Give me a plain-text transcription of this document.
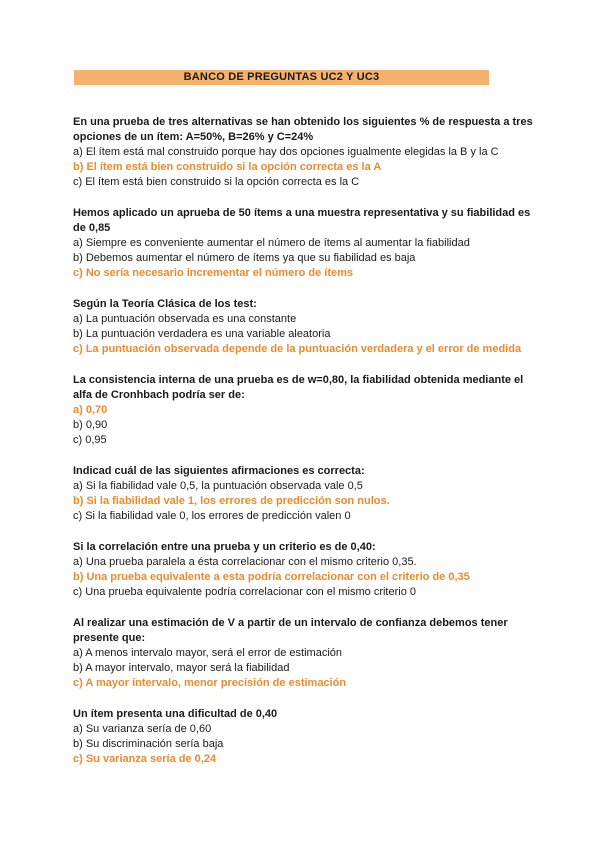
BANCO DE PREGUNTAS UC2 Y UC3
En una prueba de tres alternativas se han obtenido los siguientes % de respuesta a tres opciones de un ítem: A=50%, B=26% y C=24%
a) El ítem está mal construido porque hay dos opciones igualmente elegidas la B y la C
b) El ítem está bien construido si la opción correcta es la A
c) El ítem está bien construido si la opción correcta es la C
Hemos aplicado un aprueba de 50 ítems a una muestra representativa y su fiabilidad es de 0,85
a) Siempre es conveniente aumentar el número de ítems al aumentar la fiabilidad
b) Debemos aumentar el número de ítems ya que su fiabilidad es baja
c) No sería necesario incrementar el número de ítems
Según la Teoría Clásica de los test:
a) La puntuación observada es una constante
b) La puntuación verdadera es una variable aleatoria
c) La puntuación observada depende de la puntuación verdadera y el error de medida
La consistencia interna de una prueba es de w=0,80, la fiabilidad obtenida mediante el alfa de Cronhbach podría ser de:
a) 0,70
b) 0,90
c) 0,95
Indicad cuál de las siguientes afirmaciones es correcta:
a) Si la fiabilidad vale 0,5, la puntuación observada vale 0,5
b) Si la fiabilidad vale 1, los errores de predicción son nulos.
c) Si la fiabilidad vale 0, los errores de predicción valen 0
Si la correlación entre una prueba y un criterio es de 0,40:
a) Una prueba paralela a ésta correlacionar con el mismo criterio 0,35.
b) Una prueba equivalente a esta podría correlacionar con el criterio de 0,35
c) Una prueba equivalente podría correlacionar con el mismo criterio 0
Al realizar una estimación de V a partir de un intervalo de confianza debemos tener presente que:
a) A menos intervalo mayor, será el error de estimación
b) A mayor intervalo, mayor será la fiabilidad
c) A mayor intervalo, menor precisión de estimación
Un ítem presenta una dificultad de 0,40
a) Su varianza sería de 0,60
b) Su discriminación sería baja
c) Su varianza sería de 0,24
